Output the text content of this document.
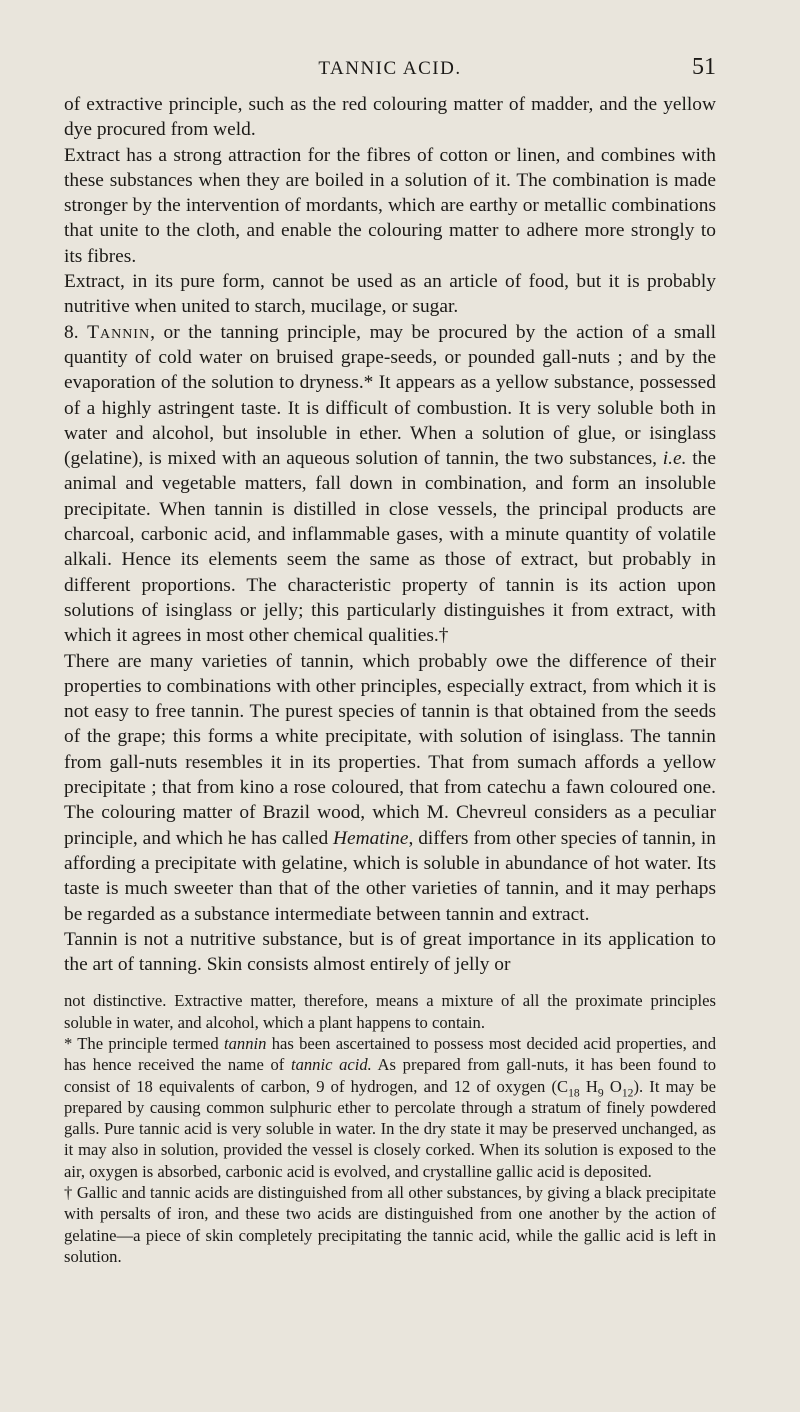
TANNIC ACID.	51

of extractive principle, such as the red colouring matter of madder, and the yellow dye procured from weld.

Extract has a strong attraction for the fibres of cotton or linen, and combines with these substances when they are boiled in a solution of it. The combination is made stronger by the intervention of mordants, which are earthy or metallic combinations that unite to the cloth, and enable the colouring matter to adhere more strongly to its fibres.

Extract, in its pure form, cannot be used as an article of food, but it is probably nutritive when united to starch, mucilage, or sugar.

8. Tannin, or the tanning principle, may be procured by the action of a small quantity of cold water on bruised grape-seeds, or pounded gall-nuts ; and by the evaporation of the solution to dryness.* It appears as a yellow substance, possessed of a highly astringent taste. It is difficult of combustion. It is very soluble both in water and alcohol, but insoluble in ether. When a solution of glue, or isinglass (gelatine), is mixed with an aqueous solution of tannin, the two substances, i.e. the animal and vegetable matters, fall down in combination, and form an insoluble precipitate. When tannin is distilled in close vessels, the principal products are charcoal, carbonic acid, and inflammable gases, with a minute quantity of volatile alkali. Hence its elements seem the same as those of extract, but probably in different proportions. The characteristic property of tannin is its action upon solutions of isinglass or jelly; this particularly distinguishes it from extract, with which it agrees in most other chemical qualities.†

There are many varieties of tannin, which probably owe the difference of their properties to combinations with other principles, especially extract, from which it is not easy to free tannin. The purest species of tannin is that obtained from the seeds of the grape; this forms a white precipitate, with solution of isinglass. The tannin from gall-nuts resembles it in its properties. That from sumach affords a yellow precipitate ; that from kino a rose coloured, that from catechu a fawn coloured one. The colouring matter of Brazil wood, which M. Chevreul considers as a peculiar principle, and which he has called Hematine, differs from other species of tannin, in affording a precipitate with gelatine, which is soluble in abundance of hot water. Its taste is much sweeter than that of the other varieties of tannin, and it may perhaps be regarded as a substance intermediate between tannin and extract.

Tannin is not a nutritive substance, but is of great importance in its application to the art of tanning. Skin consists almost entirely of jelly or

not distinctive. Extractive matter, therefore, means a mixture of all the proximate principles soluble in water, and alcohol, which a plant happens to contain.

* The principle termed tannin has been ascertained to possess most decided acid properties, and has hence received the name of tannic acid. As prepared from gall-nuts, it has been found to consist of 18 equivalents of carbon, 9 of hydrogen, and 12 of oxygen ($C_{18}$ $H_9$ $O_{12}$). It may be prepared by causing common sulphuric ether to percolate through a stratum of finely powdered galls. Pure tannic acid is very soluble in water. In the dry state it may be preserved unchanged, as it may also in solution, provided the vessel is closely corked. When its solution is exposed to the air, oxygen is absorbed, carbonic acid is evolved, and crystalline gallic acid is deposited.

† Gallic and tannic acids are distinguished from all other substances, by giving a black precipitate with persalts of iron, and these two acids are distinguished from one another by the action of gelatine—a piece of skin completely precipitating the tannic acid, while the gallic acid is left in solution.
